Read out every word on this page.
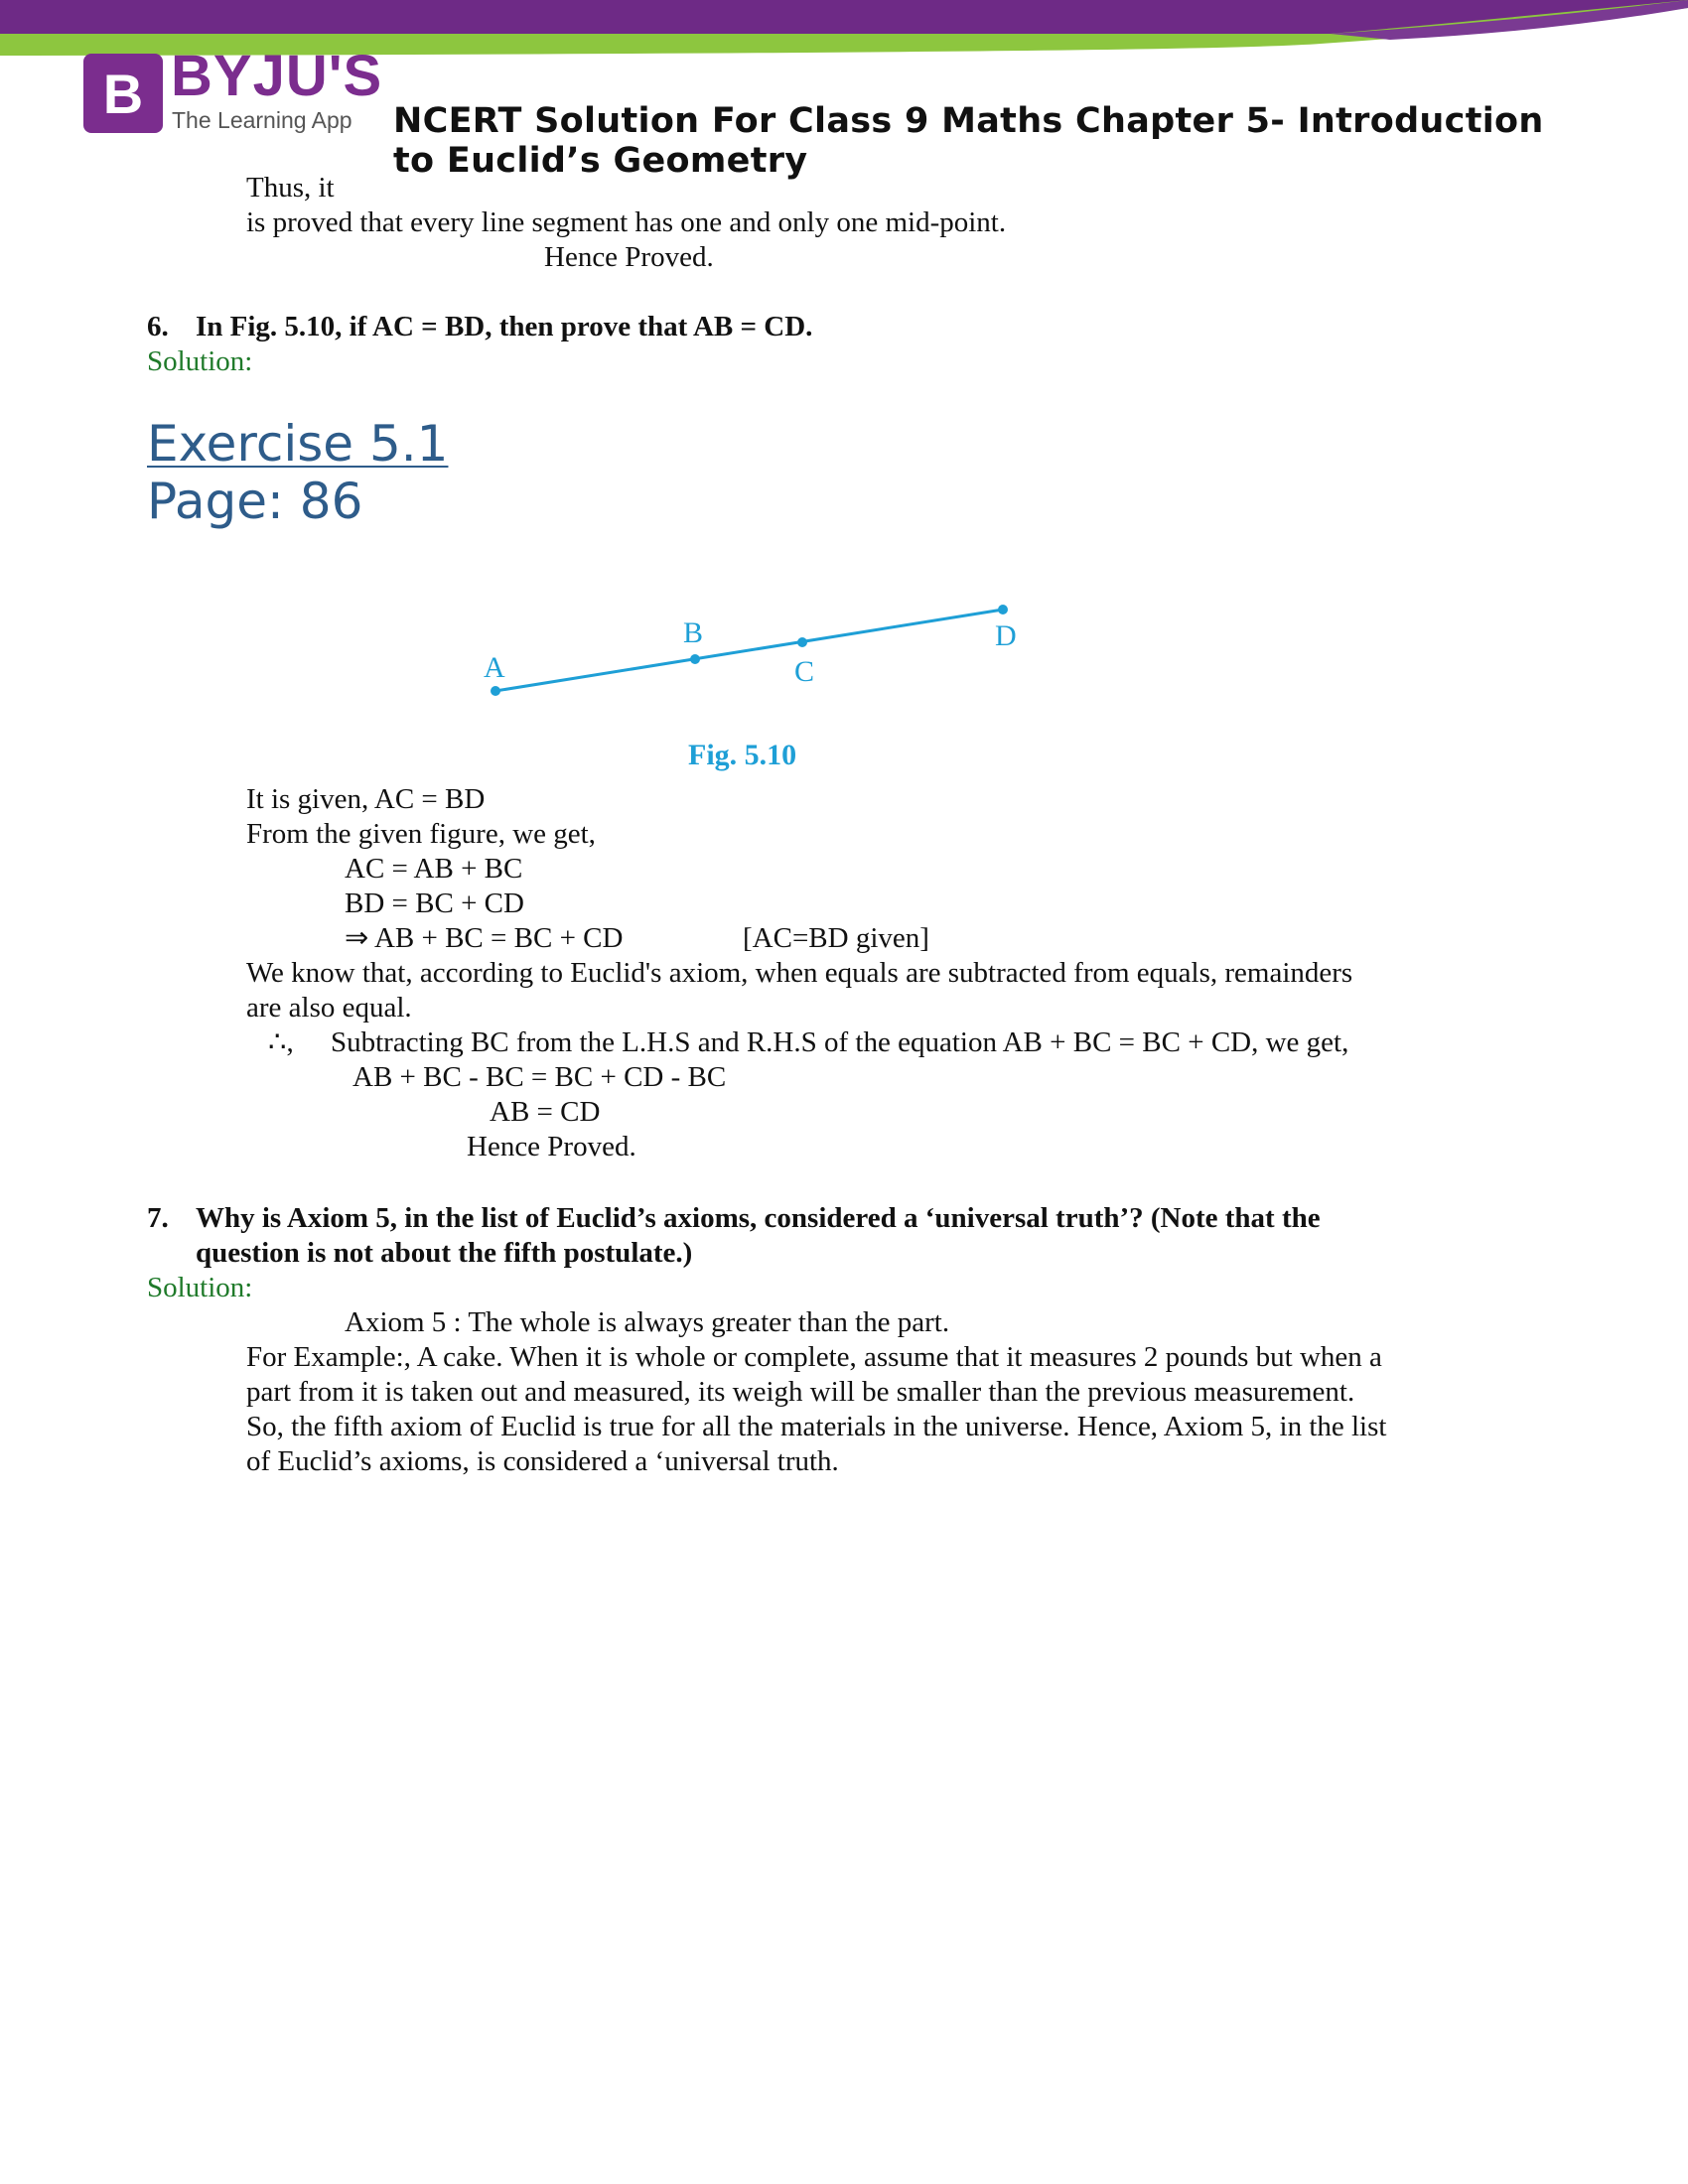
B BYJU'S
The Learning App NCERT Solution For Class 9 Maths Chapter 5- Introduction to Euclid’s Geometry
Thus, it
is proved that every line segment has one and only one mid-point.
Hence Proved.
6. In Fig. 5.10, if AC = BD, then prove that AB = CD.
Solution:
Exercise 5.1
Page: 86
A
B
C
D
Fig. 5.10
It is given, AC = BD
From the given figure, we get,
AC = AB + BC
BD = BC + CD
⇒ AB + BC = BC + CD	[AC=BD given]
We know that, according to Euclid's axiom, when equals are subtracted from equals, remainders
are also equal.
∴, Subtracting BC from the L.H.S and R.H.S of the equation AB + BC = BC + CD, we get,
AB + BC - BC = BC + CD - BC
AB = CD
Hence Proved.
7. Why is Axiom 5, in the list of Euclid’s axioms, considered a ‘universal truth’? (Note that the
question is not about the fifth postulate.)
Solution:
Axiom 5 : The whole is always greater than the part.
For Example:, A cake. When it is whole or complete, assume that it measures 2 pounds but when a
part from it is taken out and measured, its weigh will be smaller than the previous measurement.
So, the fifth axiom of Euclid is true for all the materials in the universe. Hence, Axiom 5, in the list
of Euclid’s axioms, is considered a ‘universal truth.
